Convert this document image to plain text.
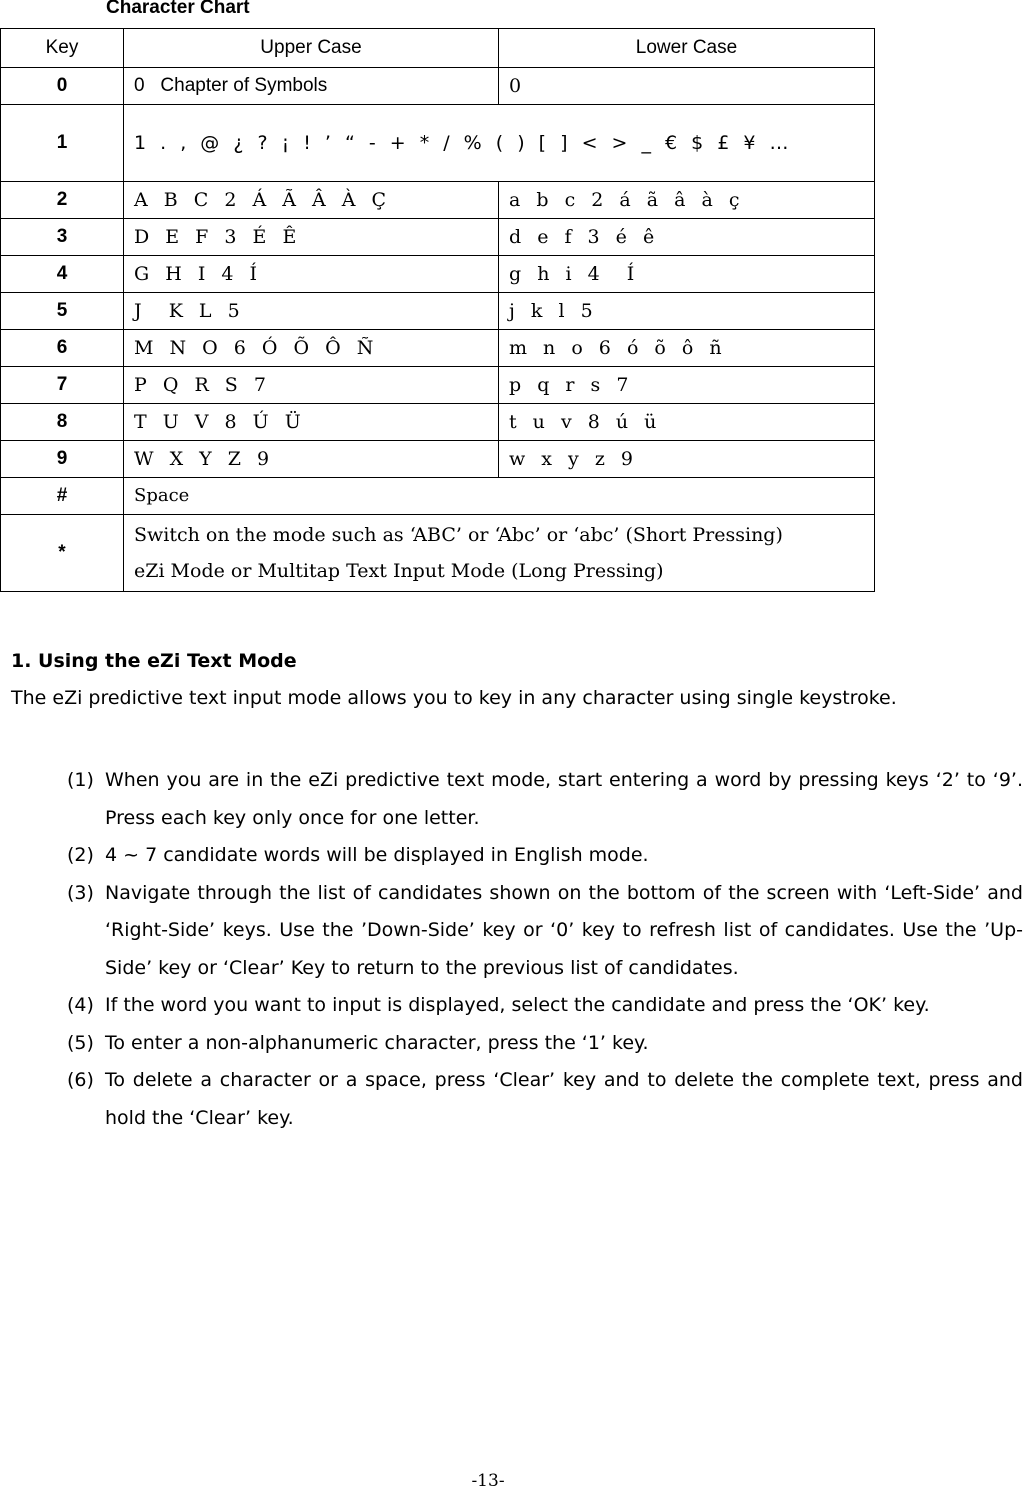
Character Chart
Key	Upper Case	Lower Case
0	0   Chapter of Symbols	0
1	1 . , @ ¿ ? ¡ ! ’ “ - + * / % ( ) [ ] < > _ € $ £ ¥ …	
2	A B C 2 Á Ã Â À Ç	a b c 2 á ã â à ç
3	D E F 3 É Ê	d e f 3 é ê
4	G H I 4 Í	g h i 4  Í
5	J  K L 5	j k l 5
6	M N O 6 Ó Õ Ô Ñ	m n o 6 ó õ ô ñ
7	P Q R S 7	p q r s 7
8	T U V 8 Ú Ü	t u v 8 ú ü
9	W X Y Z 9	w x y z 9
#	Space	
*	Switch on the mode such as ‘ABC’ or ‘Abc’ or ‘abc’ (Short Pressing)
eZi Mode or Multitap Text Input Mode (Long Pressing)	
1. Using the eZi Text Mode
The eZi predictive text input mode allows you to key in any character using single keystroke.
(1) When you are in the eZi predictive text mode, start entering a word by pressing keys ‘2’ to ‘9’. Press each key only once for one letter.
(2) 4 ~ 7 candidate words will be displayed in English mode.
(3) Navigate through the list of candidates shown on the bottom of the screen with ‘Left-Side’ and ‘Right-Side’ keys. Use the ’Down-Side’ key or ‘0’ key to refresh list of candidates. Use the ’Up-Side’ key or ‘Clear’ Key to return to the previous list of candidates.
(4) If the word you want to input is displayed, select the candidate and press the ‘OK’ key.
(5) To enter a non-alphanumeric character, press the ‘1’ key.
(6) To delete a character or a space, press ‘Clear’ key and to delete the complete text, press and hold the ‘Clear’ key.
-13-
